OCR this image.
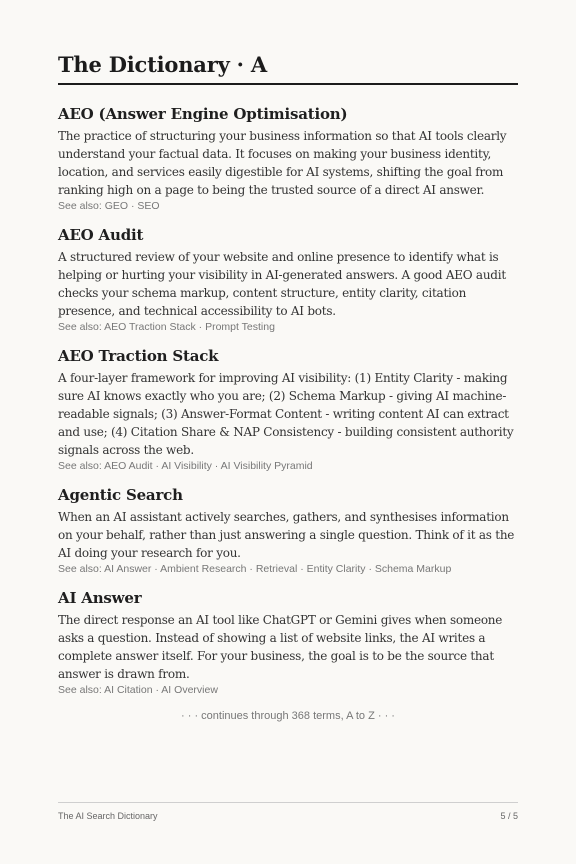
The Dictionary · A
AEO (Answer Engine Optimisation)

The practice of structuring your business information so that AI tools clearly understand your factual data. It focuses on making your business identity, location, and services easily digestible for AI systems, shifting the goal from ranking high on a page to being the trusted source of a direct AI answer.

See also: GEO · SEO
AEO Audit

A structured review of your website and online presence to identify what is helping or hurting your visibility in AI-generated answers. A good AEO audit checks your schema markup, content structure, entity clarity, citation presence, and technical accessibility to AI bots.

See also: AEO Traction Stack · Prompt Testing
AEO Traction Stack

A four-layer framework for improving AI visibility: (1) Entity Clarity - making sure AI knows exactly who you are; (2) Schema Markup - giving AI machine-readable signals; (3) Answer-Format Content - writing content AI can extract and use; (4) Citation Share & NAP Consistency - building consistent authority signals across the web.

See also: AEO Audit · AI Visibility · AI Visibility Pyramid
Agentic Search

When an AI assistant actively searches, gathers, and synthesises information on your behalf, rather than just answering a single question. Think of it as the AI doing your research for you.

See also: AI Answer · Ambient Research · Retrieval · Entity Clarity · Schema Markup
AI Answer

The direct response an AI tool like ChatGPT or Gemini gives when someone asks a question. Instead of showing a list of website links, the AI writes a complete answer itself. For your business, the goal is to be the source that answer is drawn from.

See also: AI Citation · AI Overview
· · · continues through 368 terms, A to Z · · ·
The AI Search Dictionary	5 / 5
